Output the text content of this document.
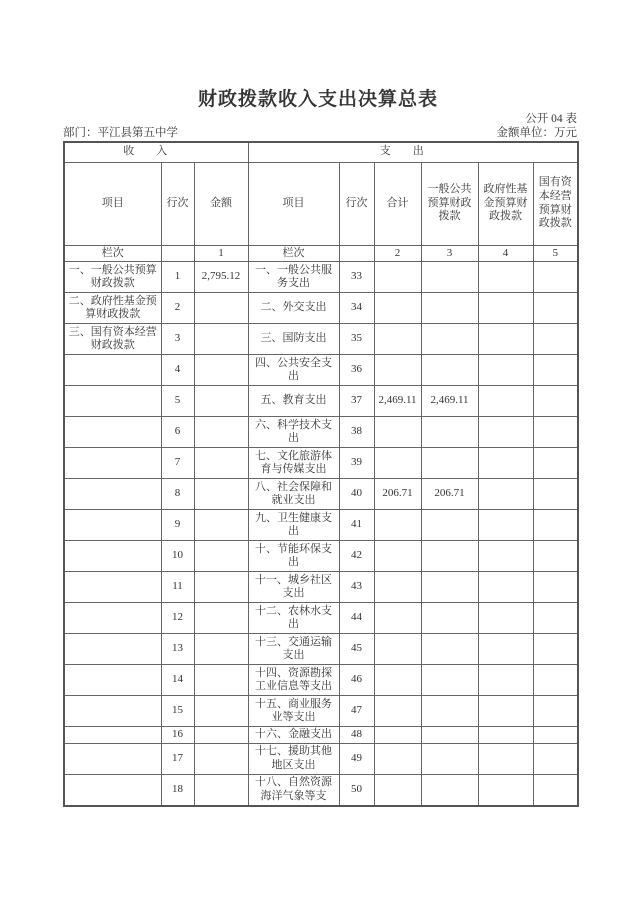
财政拨款收入支出决算总表
公开 04 表
部门：平江县第五中学	金额单位：万元
收入			支出					
项目	行次	金额	项目	行次	合计	一般公共预算财政拨款	政府性基金预算财政拨款	国有资本经营预算财政拨款
栏次		1	栏次		2	3	4	5
一、一般公共预算财政拨款	1	2,795.12	一、一般公共服务支出	33				
二、政府性基金预算财政拨款	2		二、外交支出	34				
三、国有资本经营财政拨款	3		三、国防支出	35				
	4		四、公共安全支出	36				
	5		五、教育支出	37	2,469.11	2,469.11		
	6		六、科学技术支出	38				
	7		七、文化旅游体育与传媒支出	39				
	8		八、社会保障和就业支出	40	206.71	206.71		
	9		九、卫生健康支出	41				
	10		十、节能环保支出	42				
	11		十一、城乡社区支出	43				
	12		十二、农林水支出	44				
	13		十三、交通运输支出	45				
	14		十四、资源勘探工业信息等支出	46				
	15		十五、商业服务业等支出	47				
	16		十六、金融支出	48				
	17		十七、援助其他地区支出	49				
	18		十八、自然资源海洋气象等支	50				
